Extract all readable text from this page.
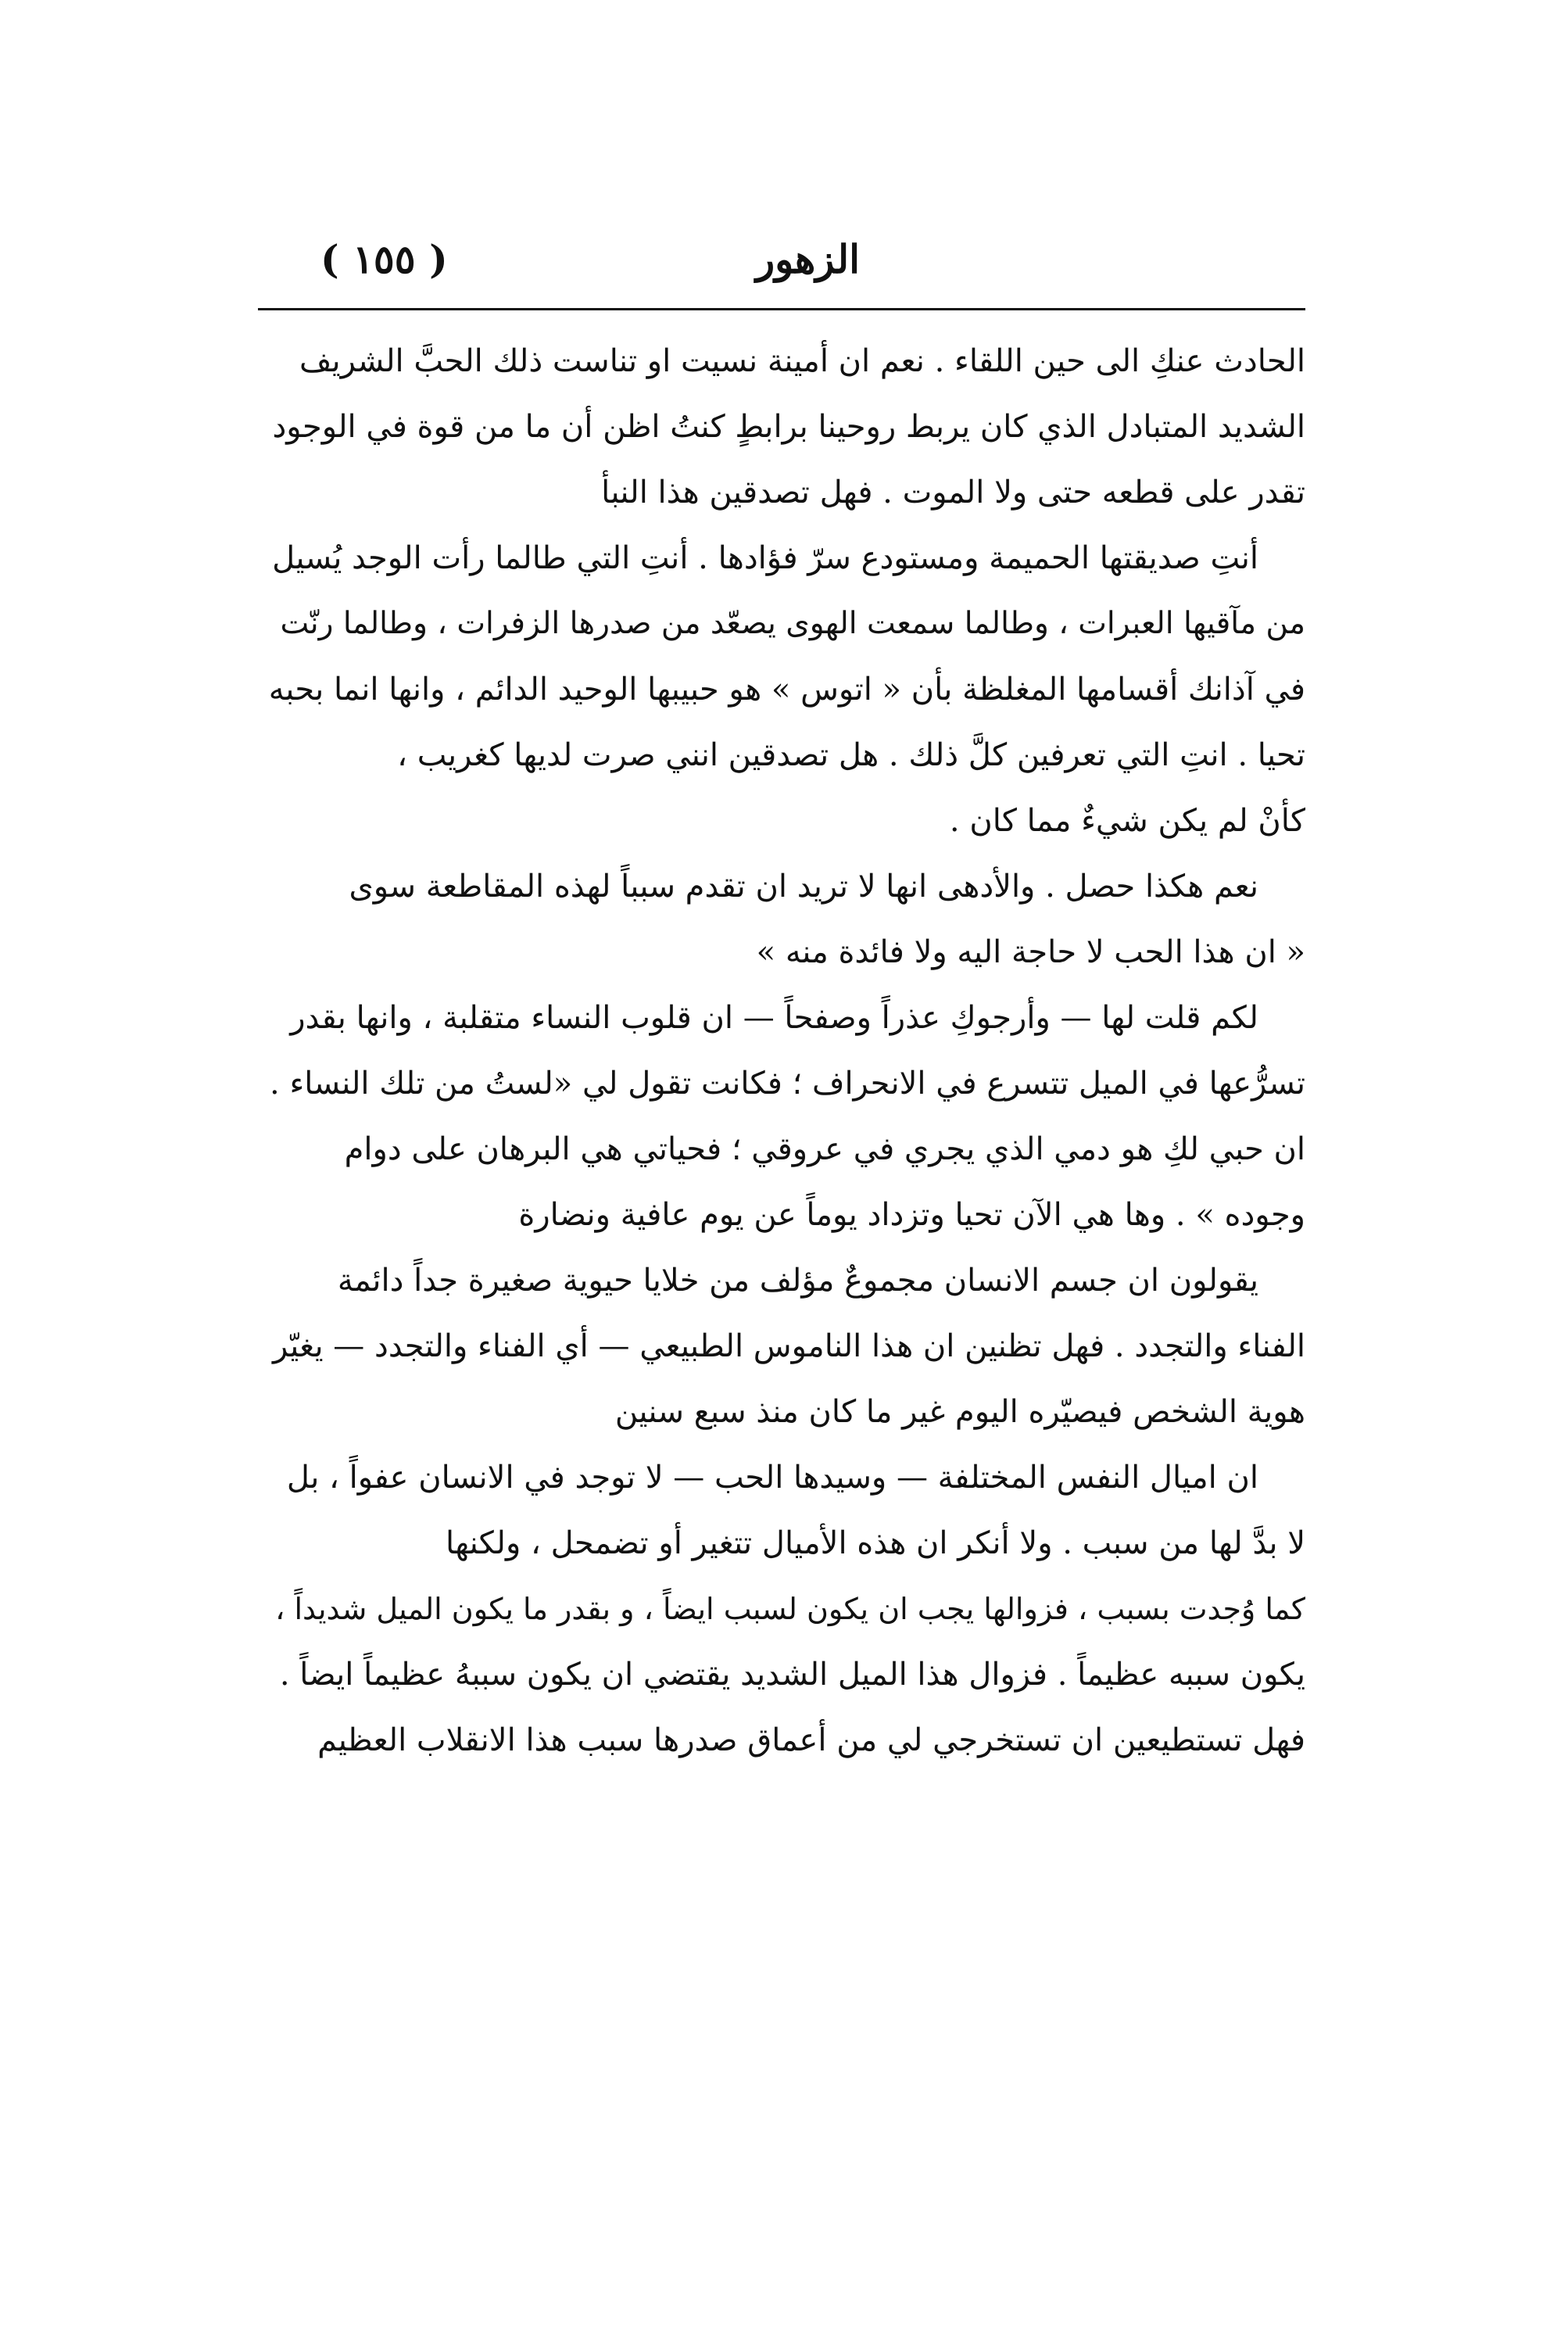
الزهور
( ١٥٥ )
الحادث عنكِ الى حين اللقاء . نعم ان أمينة نسيت او تناست ذلك الحبَّ الشريف
الشديد المتبادل الذي كان يربط روحينا برابطٍ كنتُ اظن أن ما من قوة في الوجود
تقدر على قطعه حتى ولا الموت . فهل تصدقين هذا النبأ
أنتِ صديقتها الحميمة ومستودع سرّ فؤادها . أنتِ التي طالما رأت الوجد يُسيل
من مآقيها العبرات ، وطالما سمعت الهوى يصعّد من صدرها الزفرات ، وطالما رنّت
في آذانك أقسامها المغلظة بأن « اتوس » هو حبيبها الوحيد الدائم ، وانها انما بحبه
تحيا . انتِ التي تعرفين كلَّ ذلك . هل تصدقين انني صرت لديها كغريب ،
كأنْ لم يكن شيءٌ مما كان .
نعم هكذا حصل . والأدهى انها لا تريد ان تقدم سبباً لهذه المقاطعة سوى
« ان هذا الحب لا حاجة اليه ولا فائدة منه »
لكم قلت لها — وأرجوكِ عذراً وصفحاً — ان قلوب النساء متقلبة ، وانها بقدر
تسرُّعها في الميل تتسرع في الانحراف ؛ فكانت تقول لي «لستُ من تلك النساء .
ان حبي لكِ هو دمي الذي يجري في عروقي ؛ فحياتي هي البرهان على دوام
وجوده » . وها هي الآن تحيا وتزداد يوماً عن يوم عافية ونضارة
يقولون ان جسم الانسان مجموعٌ مؤلف من خلايا حيوية صغيرة جداً دائمة
الفناء والتجدد . فهل تظنين ان هذا الناموس الطبيعي — أي الفناء والتجدد — يغيّر
هوية الشخص فيصيّره اليوم غير ما كان منذ سبع سنين
ان اميال النفس المختلفة — وسيدها الحب — لا توجد في الانسان عفواً ، بل
لا بدَّ لها من سبب . ولا أنكر ان هذه الأميال تتغير أو تضمحل ، ولكنها
كما وُجدت بسبب ، فزوالها يجب ان يكون لسبب ايضاً ، و بقدر ما يكون الميل شديداً ،
يكون سببه عظيماً . فزوال هذا الميل الشديد يقتضي ان يكون سببهُ عظيماً ايضاً .
فهل تستطيعين ان تستخرجي لي من أعماق صدرها سبب هذا الانقلاب العظيم
